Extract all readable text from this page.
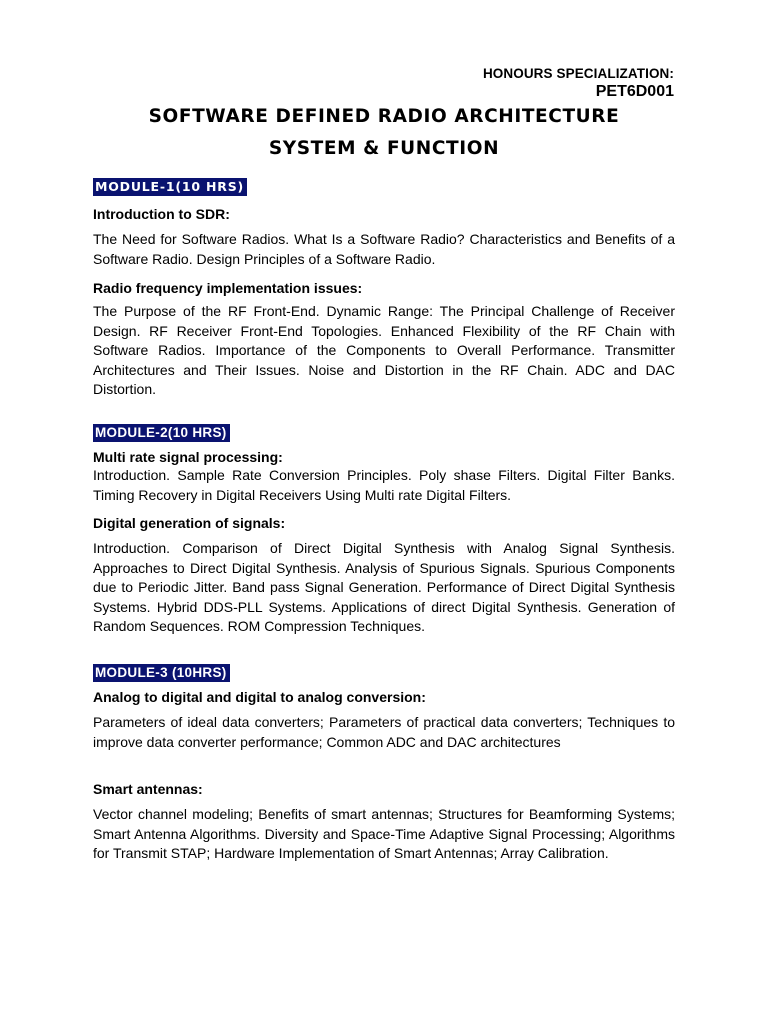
HONOURS SPECIALIZATION:
PET6D001
SOFTWARE DEFINED RADIO ARCHITECTURE
SYSTEM & FUNCTION
MODULE-1(10 HRS)
Introduction to SDR:
The Need for Software Radios. What Is a Software Radio? Characteristics and Benefits of a Software Radio. Design Principles of a Software Radio.
Radio frequency implementation issues:
The Purpose of the RF Front-End. Dynamic Range: The Principal Challenge of Receiver Design. RF Receiver Front-End Topologies. Enhanced Flexibility of the RF Chain with Software Radios. Importance of the Components to Overall Performance. Transmitter Architectures and Their Issues. Noise and Distortion in the RF Chain. ADC and DAC Distortion.
MODULE-2(10 HRS)
Multi rate signal processing:
Introduction. Sample Rate Conversion Principles. Poly shase Filters. Digital Filter Banks. Timing Recovery in Digital Receivers Using Multi rate Digital Filters.
Digital generation of signals:
Introduction. Comparison of Direct Digital Synthesis with Analog Signal Synthesis. Approaches to Direct Digital Synthesis. Analysis of Spurious Signals. Spurious Components due to Periodic Jitter. Band pass Signal Generation. Performance of Direct Digital Synthesis Systems. Hybrid DDS-PLL Systems. Applications of direct Digital Synthesis. Generation of Random Sequences. ROM Compression Techniques.
MODULE-3 (10HRS)
Analog to digital and digital to analog conversion:
Parameters of ideal data converters; Parameters of practical data converters; Techniques to improve data converter performance; Common ADC and DAC architectures
Smart antennas:
Vector channel modeling; Benefits of smart antennas; Structures for Beamforming Systems; Smart Antenna Algorithms. Diversity and Space-Time Adaptive Signal Processing; Algorithms for Transmit STAP; Hardware Implementation of Smart Antennas; Array Calibration.
